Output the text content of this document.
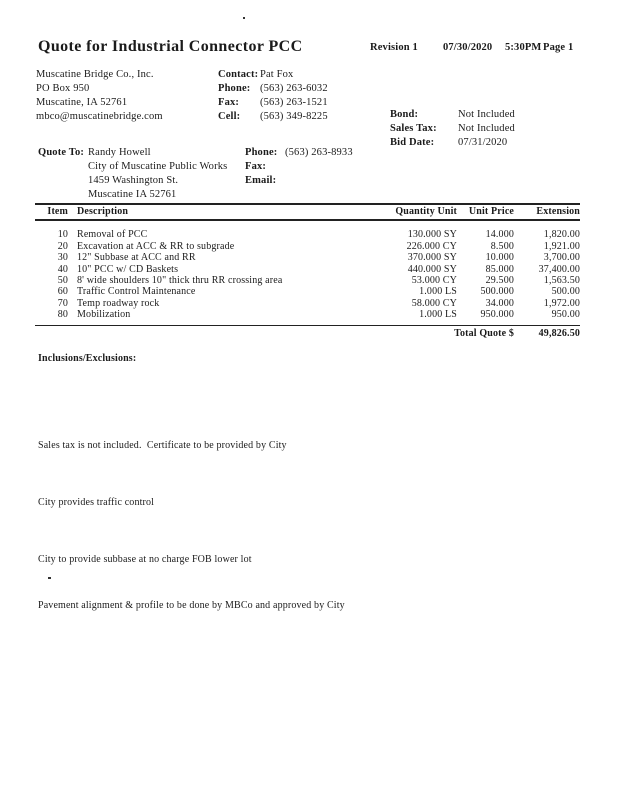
Quote for Industrial Connector PCC	Revision 1 07/30/2020 5:30PM Page 1
Muscatine Bridge Co., Inc.
PO Box 950
Muscatine, IA 52761
mbco@muscatinebridge.com
Contact: Pat Fox
Phone: (563) 263-6032
Fax:	(563) 263-1521
Cell:	(563) 349-8225	Bond:	Not Included
Sales Tax:	Not Included
Bid Date:	07/31/2020
Quote To: Randy Howell
City of Muscatine Public Works
1459 Washington St.
Muscatine IA 52761
Phone: (563) 263-8933
Fax:
Email:
Item Description	Quantity Unit	Unit Price	Extension
10 Removal of PCC	130.000 SY	14.000	1,820.00
20 Excavation at ACC & RR to subgrade	226.000 CY	8.500	1,921.00
30 12" Subbase at ACC and RR	370.000 SY	10.000	3,700.00
40 10" PCC w/ CD Baskets	440.000 SY	85.000	37,400.00
50 8' wide shoulders 10" thick thru RR crossing area	53.000 CY	29.500	1,563.50
60 Traffic Control Maintenance	1.000 LS	500.000	500.00
70 Temp roadway rock	58.000 CY	34.000	1,972.00
80 Mobilization	1.000 LS	950.000	950.00
Total Quote $	49,826.50

Inclusions/Exclusions:

Sales tax is not included.  Certificate to be provided by City

City provides traffic control

City to provide subbase at no charge FOB lower lot

Pavement alignment & profile to be done by MBCo and approved by City
